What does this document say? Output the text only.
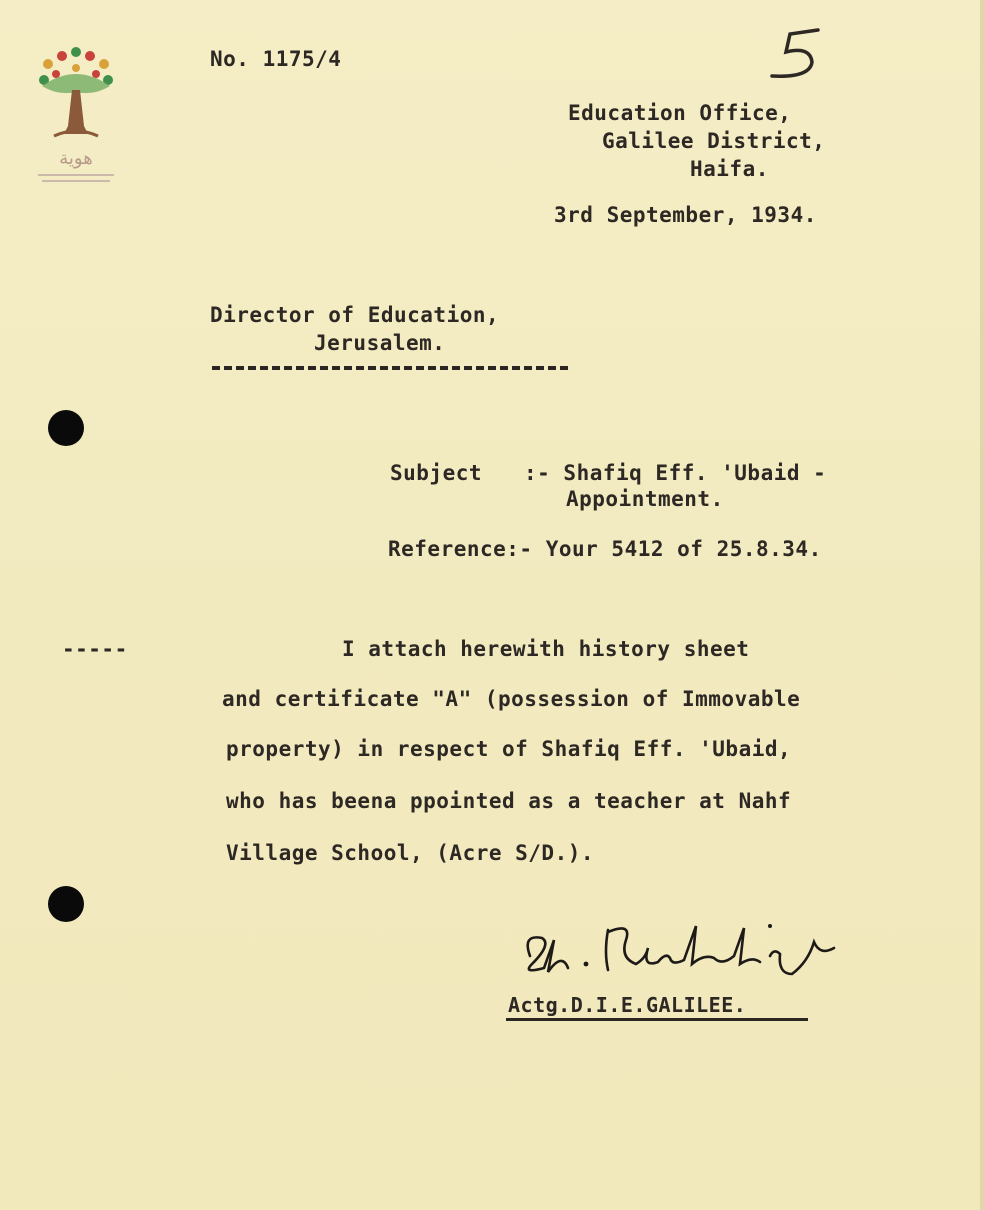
هوية
No. 1175/4
Education Office,
Galilee District,
Haifa.
3rd September, 1934.
Director of Education,
Jerusalem.
Subject :- Shafiq Eff. 'Ubaid -
Appointment.
Reference:- Your 5412 of 25.8.34.
-----	I attach herewith history sheet
and certificate "A" (possession of Immovable
property) in respect of Shafiq Eff. 'Ubaid,
who has beena ppointed as a teacher at Nahf
Village School, (Acre S/D.).
Actg.D.I.E.GALILEE.
